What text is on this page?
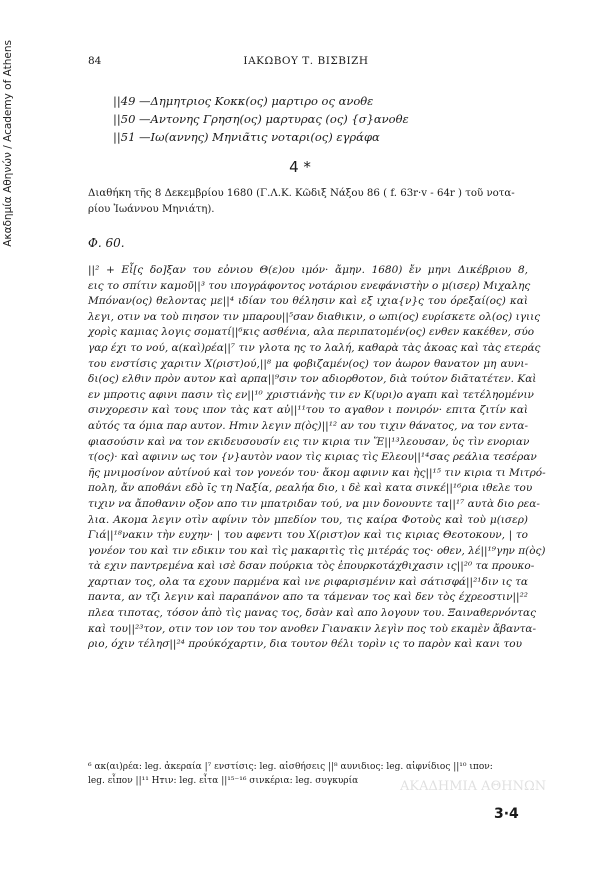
Ακαδημία Αθηνών / Academy of Athens	84	ΙΑΚΩΒΟΥ Τ. ΒΙΣΒΙΖΗ
||49 —Δημητριος Κοκκ(ος) μαρτιρο ος ανοθε
||50 —Αντονης Γρηση(ος) μαρτυρας (ος) {σ}ανοθε
||51 —Ιω(αννης) Μηνιᾶτις νοταρι(ος) εγράφα
4 *
Διαθήκη τῆς 8 Δεκεμβρίου 1680 (Γ.Λ.Κ. Κῶδιξ Νάξου 86 ( f. 63r·v - 64r ) τοῦ νοτα-
ρίου Ἰωάννου Μηνιάτη).
Φ. 60.
||² + Εἶ[ς δο]ξαν του εὀνιου Θ(ε)ου ιμόν· ἄμην. 1680) ἔν μηνι Δικέβριου 8,
εις το σπίτιν καμοῦ||³ του ιπογράφοντος νοτάριου ενεφάνιστὴν ο μ(ισερ) Μιχαλης
Μπόναν(ος) θελοντας με||⁴ ιδίαν του θέλησιν καὶ εξ ιχια{ν}ς του όρεξαί(ος) καὶ
λεγι, οτιν να τοὺ πιησον τιν μπαρου||⁵σαν διαθικιν, ο ωπι(ος) ευρίσκετε ολ(ος) ιγιις
χορὶς καμιας λογις σοματί||⁶κις ασθένια, αλα περιπατομέν(ος) ενθεν κακέθεν, σύο
γαρ έχι το νού, α(καὶ)ρέα||⁷ τιν γλοτα ης το λαλή, καθαρὰ τὰς ἀκοας καὶ τὰς ετεράς
του ενστίσις χαριτιν Χ(ριστ)ού,||⁸ μα φοβιζαμέν(ος) τον ἀωρον θανατον μη αυνι-
δι(ος) ελθιν πρὸν αυτον καὶ αρπα||⁹σιν τον αδιορθοτον, διὰ τούτον διᾶτατέτεν. Καὶ
εν μπροτις αφινι πασιν τὶς εν||¹⁰ χριστιάνὴς τιν εν Κ(υρι)ο αγαπι καὶ τετέληομένιν
σινχορεσιν καὶ τους ιπον τὰς κατ αὐ||¹¹του το αγαθον ι πονιρόν· επιτα ζιτίν καὶ
αὐτός τα όμια παρ αυτον. Ηтιν λεγιν π(ὸς)||¹² αν του τιχιν θάνατος, να τον εντα-
φιασούσιν καὶ να τον εκιδευσουσίν εις τιν κιρια τιν Ἕ||¹³λεουσαν, ὑς τὶν ενοριαν
τ(ος)· καὶ αφινιν ως τον {ν}αυτὸν ναον τὶς κιριας τὶς Ελεου||¹⁴σας ρεάλια τεσέραν
ῆς μνιμοσίνον αὐτίνού καὶ τον γονεόν του· ἄκομ αφινιν και ὴς||¹⁵ τιν κιρια τι Μιτρό-
πολη, ἄν αποθάνι εδὸ ῑς τη Ναξία, ρεαλήα διο, ι δὲ καὶ κατα σινκέ||¹⁶ρια ιθελε του
τιχιν να ἄποθανιν οξον απο τιν μπατριδαν τού, να μιν δονουντε τα||¹⁷ αυτὰ διο ρεα-
λια. Ακομα λεγιν οτὶν αφίνιν τὸν μπεδίον του, τις καίρα Φοτοὺς καὶ τοὺ μ(ισερ)
Γιά||¹⁸νακιν τὴν ευχην· | του αφεντι του Χ(ριστ)ον καὶ τις κιριας Θεοτοκουν, | το
γονέον του καὶ τιν εδικιν του καὶ τὶς μακαριτὶς τὶς μιτέράς τος· οθεν, λέ||¹⁹γην π(ὸς)
τὰ εχιν παντρεμένα καὶ ισὲ δσαν πούρκια τὸς ἐπουρκοτάχθιχασιν ις||²⁰ τα προυκο-
χαρτιαν τος, ολα τα εχουν παρμένα καὶ ινε ριφαρισμένιν καὶ σάτισφά||²¹διν ις τα
παντα, αν τζι λεγιν καὶ παραπάνον απο τα τάμεναν τος καὶ δεν τὸς έχρεοστιν||²²
πλεα τιποτας, τόσον ἀπὸ τὶς μανας τος, δσὰν καὶ απο λογουν του. Ξαιναθερνόντας
καὶ του||²³τον, οτιν τον ιον του τον ανοθεν Γιανακιν λεγὶν πος τοὺ εκαμὲν ἄβαντα-
ριο, όχιν τέλησ||²⁴ προύκόχαρτιν, δια τουτον θέλι τορὶν ις το παρὸν καὶ κανι του
⁶ ακ(αι)ρέα: leg. ἀκεραία |⁷ ενστίσις: leg. αἰσθήσεις ||⁸ αυνιδιος: leg. αἰφνίδιος ||¹⁰ ιπον:
leg. εἶπον ||¹¹ Ηтιν: leg. εἶτα ||¹⁵⁻¹⁶ σινκέρια: leg. συγκυρία	ΑΚΑΔΗΜΙΑ ΑΘΗΝΩΝ
3·4
